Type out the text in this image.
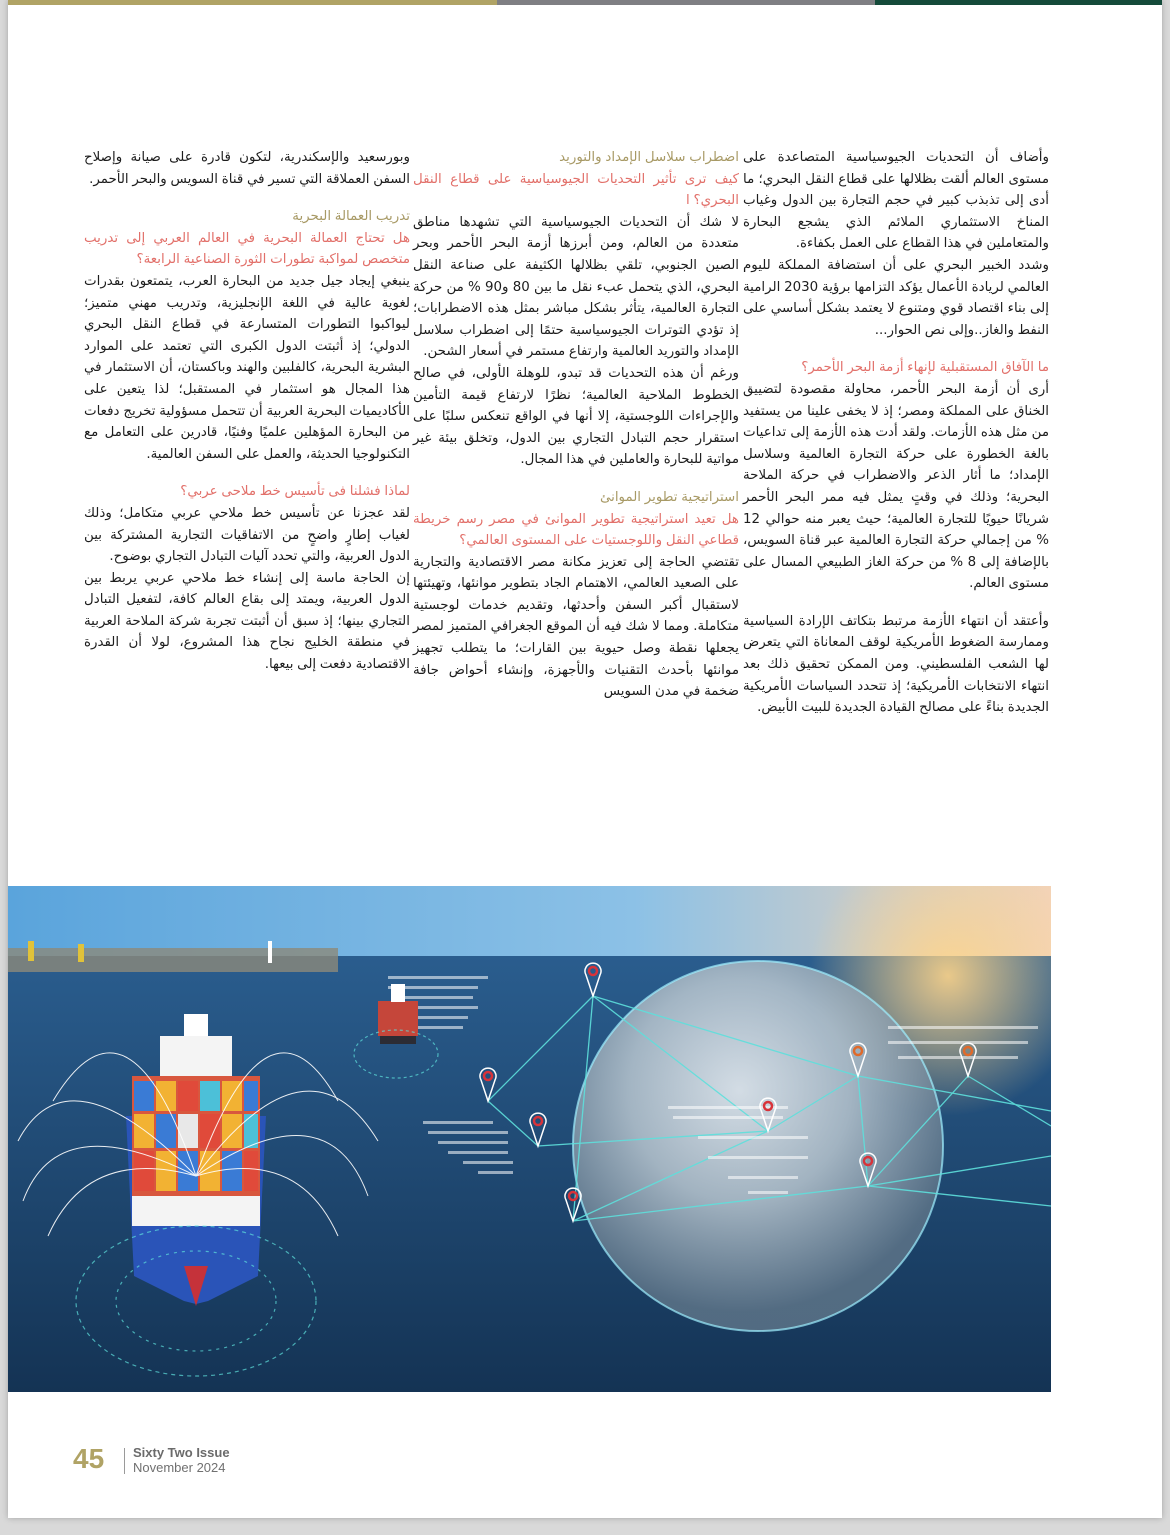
وأضاف أن التحديات الجيوسياسية المتصاعدة على مستوى العالم ألقت بظلالها على قطاع النقل البحري؛ ما أدى إلى تذبذب كبير في حجم التجارة بين الدول وغياب المناخ الاستثماري الملائم الذي يشجع البحارة والمتعاملين في هذا القطاع على العمل بكفاءة.

وشدد الخبير البحري على أن استضافة المملكة لليوم العالمي لريادة الأعمال يؤكد التزامها برؤية 2030 الرامية إلى بناء اقتصاد قوي ومتنوع لا يعتمد بشكل أساسي على النفط والغاز..وإلى نص الحوار...

ما الآفاق المستقبلية لإنهاء أزمة البحر الأحمر؟

أرى أن أزمة البحر الأحمر، محاولة مقصودة لتضييق الخناق على المملكة ومصر؛ إذ لا يخفى علينا من يستفيد من مثل هذه الأزمات. ولقد أدت هذه الأزمة إلى تداعيات بالغة الخطورة على حركة التجارة العالمية وسلاسل الإمداد؛ ما أثار الذعر والاضطراب في حركة الملاحة البحرية؛ وذلك في وقتٍ يمثل فيه ممر البحر الأحمر شريانًا حيويًا للتجارة العالمية؛ حيث يعبر منه حوالي 12 % من إجمالي حركة التجارة العالمية عبر قناة السويس، بالإضافة إلى 8 % من حركة الغاز الطبيعي المسال على مستوى العالم.

وأعتقد أن انتهاء الأزمة مرتبط بتكاتف الإرادة السياسية وممارسة الضغوط الأمريكية لوقف المعاناة التي يتعرض لها الشعب الفلسطيني. ومن الممكن تحقيق ذلك بعد انتهاء الانتخابات الأمريكية؛ إذ تتحدد السياسات الأمريكية الجديدة بناءً على مصالح القيادة الجديدة للبيت الأبيض.

اضطراب سلاسل الإمداد والتوريد

كيف ترى تأثير التحديات الجيوسياسية على قطاع النقل البحري؟ ا

لا شك أن التحديات الجيوسياسية التي تشهدها مناطق متعددة من العالم، ومن أبرزها أزمة البحر الأحمر وبحر الصين الجنوبي، تلقي بظلالها الكثيفة على صناعة النقل البحري، الذي يتحمل عبء نقل ما بين 80 و90 % من حركة التجارة العالمية، يتأثر بشكل مباشر بمثل هذه الاضطرابات؛ إذ تؤدي التوترات الجيوسياسية حتمًا إلى اضطراب سلاسل الإمداد والتوريد العالمية وارتفاع مستمر في أسعار الشحن.

ورغم أن هذه التحديات قد تبدو، للوهلة الأولى، في صالح الخطوط الملاحية العالمية؛ نظرًا لارتفاع قيمة التأمين والإجراءات اللوجستية، إلا أنها في الواقع تنعكس سلبًا على استقرار حجم التبادل التجاري بين الدول، وتخلق بيئة غير مواتية للبحارة والعاملين في هذا المجال.

استراتيجية تطوير الموانئ

هل تعيد استراتيجية تطوير الموانئ في مصر رسم خريطة قطاعي النقل واللوجستيات على المستوى العالمي؟

تقتضي الحاجة إلى تعزيز مكانة مصر الاقتصادية والتجارية على الصعيد العالمي، الاهتمام الجاد بتطوير موانئها، وتهيئتها لاستقبال أكبر السفن وأحدثها، وتقديم خدمات لوجستية متكاملة. ومما لا شك فيه أن الموقع الجغرافي المتميز لمصر يجعلها نقطة وصل حيوية بين القارات؛ ما يتطلب تجهيز موانئها بأحدث التقنيات والأجهزة، وإنشاء أحواض جافة ضخمة في مدن السويس

وبورسعيد والإسكندرية، لتكون قادرة على صيانة وإصلاح السفن العملاقة التي تسير في قناة السويس والبحر الأحمر.

تدريب العمالة البحرية

هل تحتاج العمالة البحرية في العالم العربي إلى تدريب متخصص لمواكبة تطورات الثورة الصناعية الرابعة؟

ينبغي إيجاد جيل جديد من البحارة العرب، يتمتعون بقدرات لغوية عالية في اللغة الإنجليزية، وتدريب مهني متميز؛ ليواكبوا التطورات المتسارعة في قطاع النقل البحري الدولي؛ إذ أثبتت الدول الكبرى التي تعتمد على الموارد البشرية البحرية، كالفلبين والهند وباكستان، أن الاستثمار في هذا المجال هو استثمار في المستقبل؛ لذا يتعين على الأكاديميات البحرية العربية أن تتحمل مسؤولية تخريج دفعات من البحارة المؤهلين علميًا وفنيًا، قادرين على التعامل مع التكنولوجيا الحديثة، والعمل على السفن العالمية.

لماذا فشلنا فى تأسيس خط ملاحى عربي؟

لقد عجزنا عن تأسيس خط ملاحي عربي متكامل؛ وذلك لغياب إطارٍ واضحٍ من الاتفاقيات التجارية المشتركة بين الدول العربية، والتي تحدد آليات التبادل التجاري بوضوح.

إن الحاجة ماسة إلى إنشاء خط ملاحي عربي يربط بين الدول العربية، ويمتد إلى بقاع العالم كافة، لتفعيل التبادل التجاري بينها؛ إذ سبق أن أثبتت تجربة شركة الملاحة العربية في منطقة الخليج نجاح هذا المشروع، لولا أن القدرة الاقتصادية دفعت إلى بيعها.

45 Sixty Two Issue
November 2024
